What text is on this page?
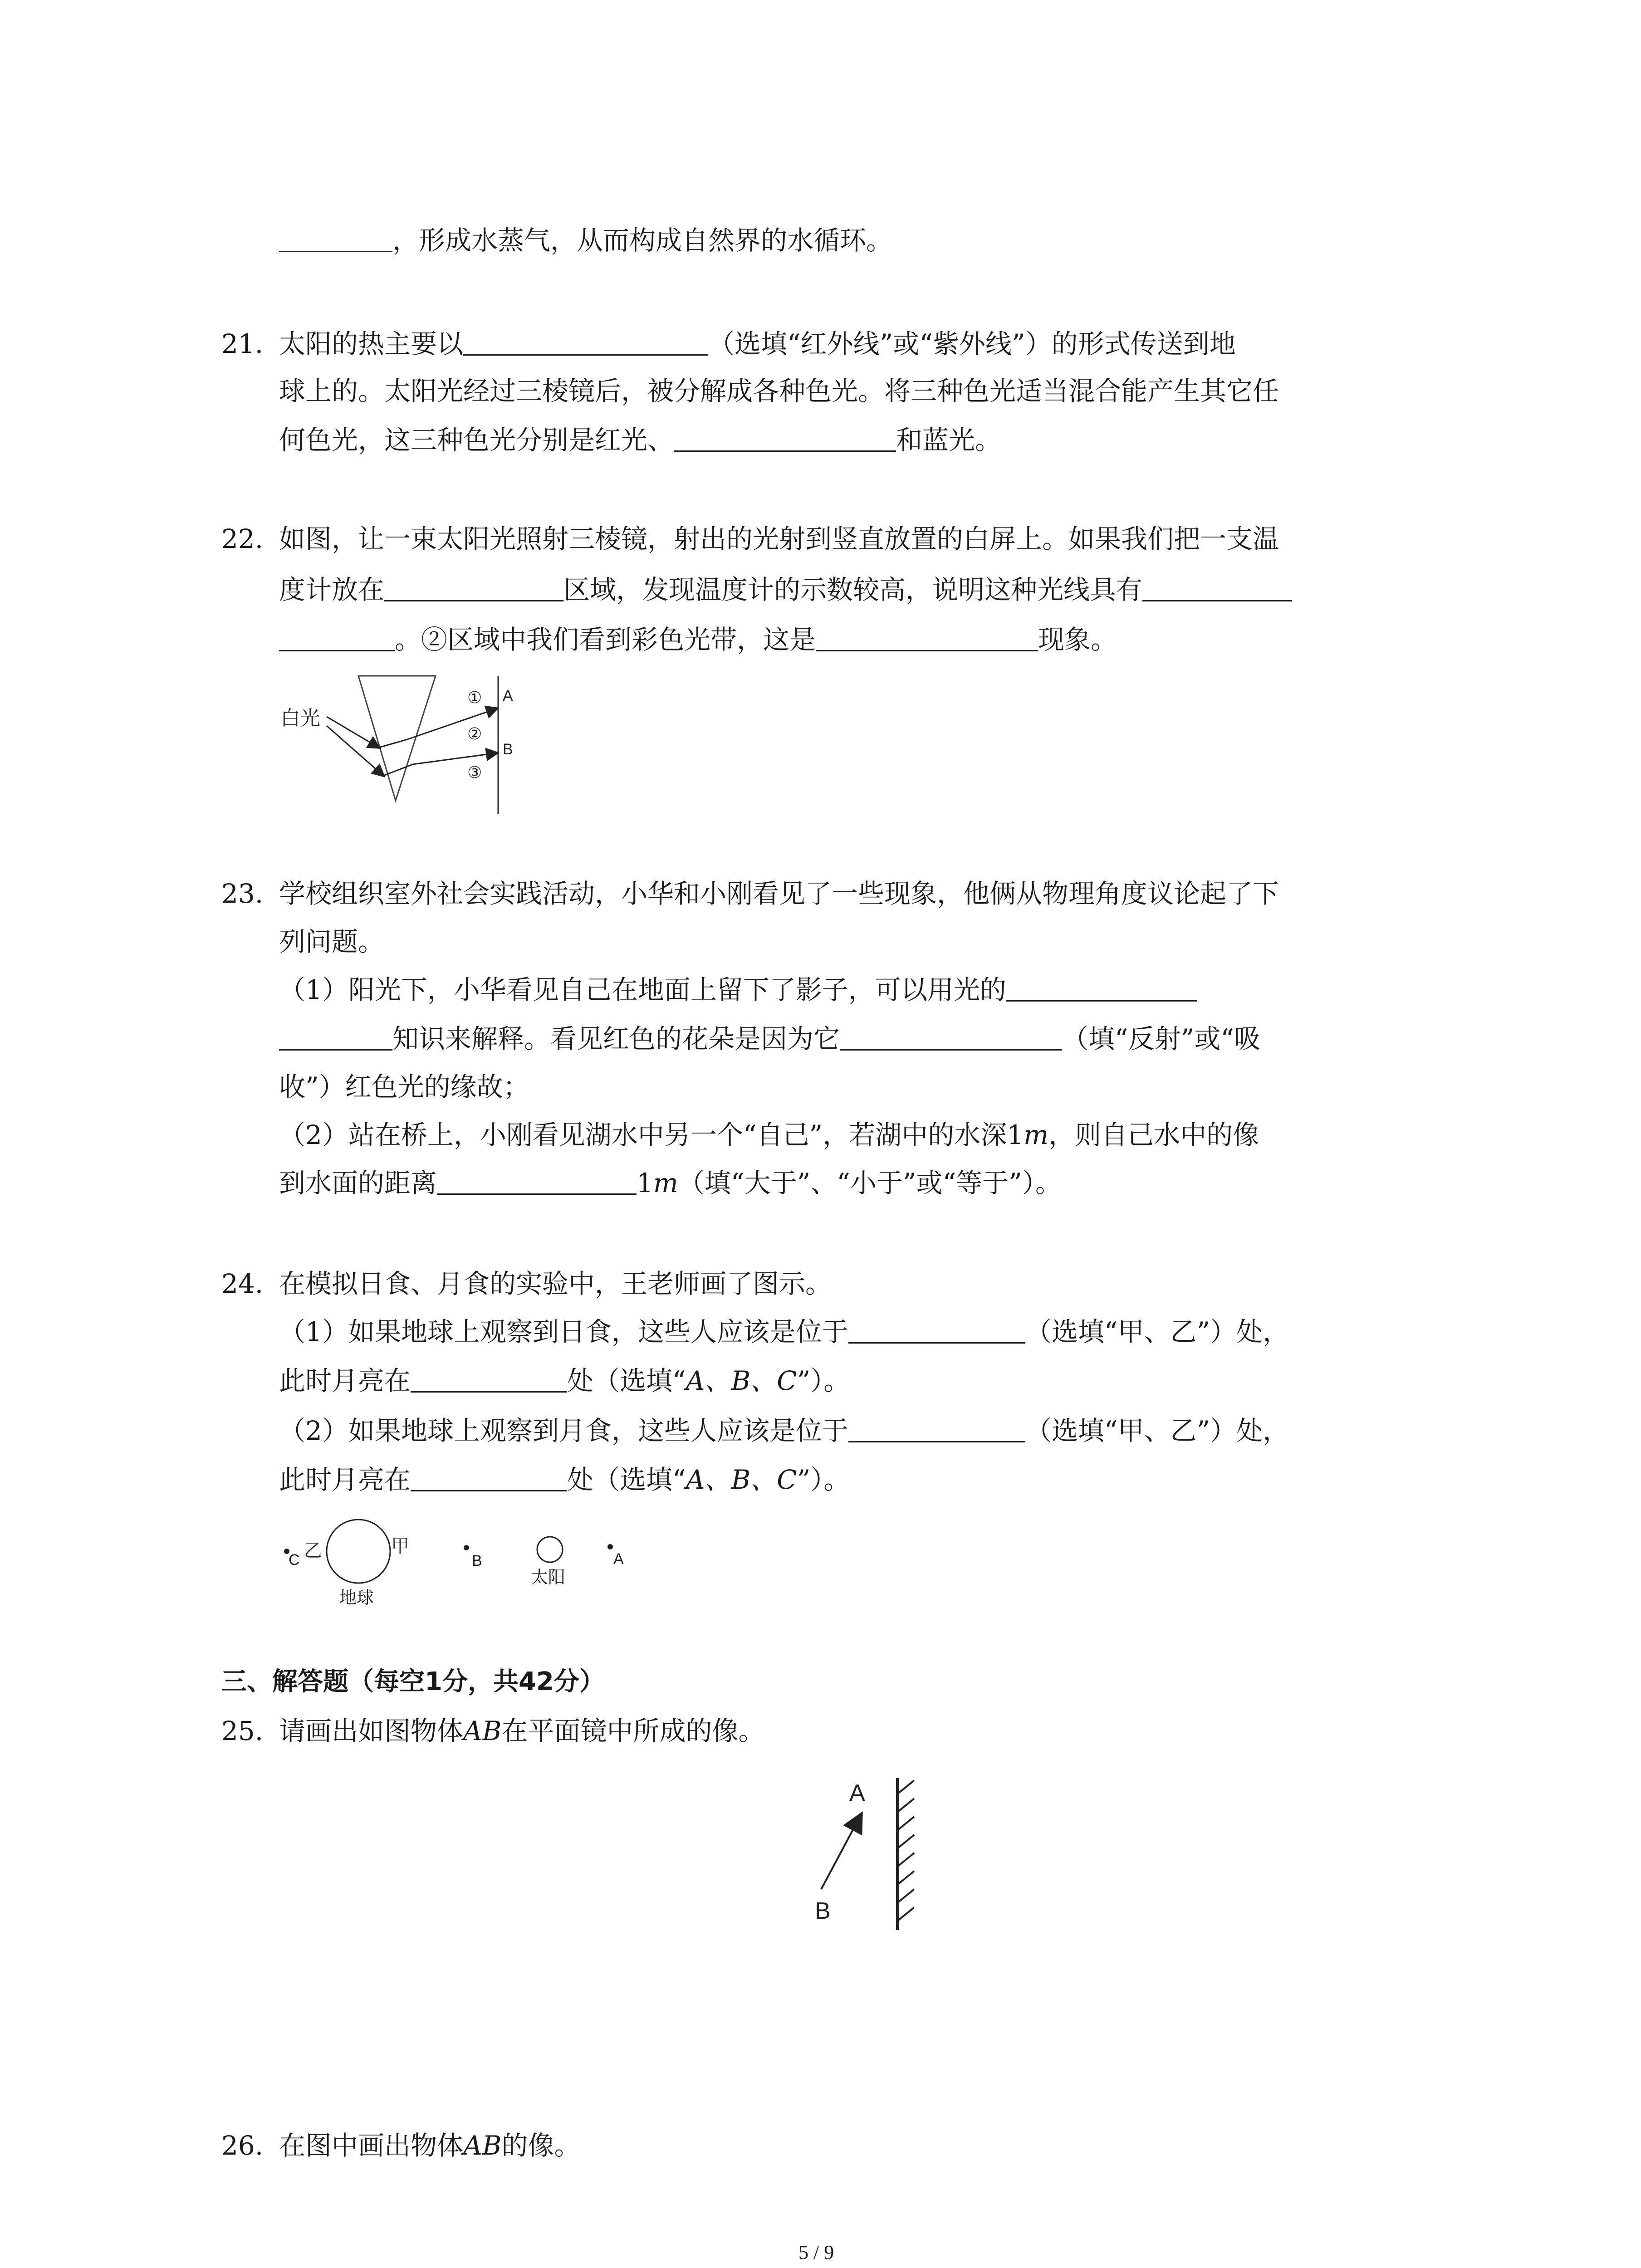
，形成水蒸气，从而构成自然界的水循环。
21. 太阳的热主要以	（选填“红外线”或“紫外线”）的形式传送到地
球上的。太阳光经过三棱镜后，被分解成各种色光。将三种色光适当混合能产生其它任
何色光，这三种色光分别是红光、	和蓝光。
22. 如图，让一束太阳光照射三棱镜，射出的光射到竖直放置的白屏上。如果我们把一支温
度计放在	区域，发现温度计的示数较高，说明这种光线具有
。②区域中我们看到彩色光带，这是	现象。
白光
①
②
③
A
B
23. 学校组织室外社会实践活动，小华和小刚看见了一些现象，他俩从物理角度议论起了下
列问题。
（1）阳光下，小华看见自己在地面上留下了影子，可以用光的
知识来解释。看见红色的花朵是因为它	（填“反射”或“吸
收”）红色光的缘故；
（2）站在桥上，小刚看见湖水中另一个“自己”，若湖中的水深1m，则自己水中的像
到水面的距离	1m（填“大于”、“小于”或“等于”）。
24. 在模拟日食、月食的实验中，王老师画了图示。
（1）如果地球上观察到日食，这些人应该是位于	（选填“甲、乙”）处，
此时月亮在	处（选填“A、B、C”）。
（2）如果地球上观察到月食，这些人应该是位于	（选填“甲、乙”）处，
此时月亮在	处（选填“A、B、C”）。
C 乙	甲
地球
B
太阳
A
三、解答题（每空1分，共42分）
25. 请画出如图物体AB在平面镜中所成的像。
A
B
26. 在图中画出物体AB的像。
5 / 9
